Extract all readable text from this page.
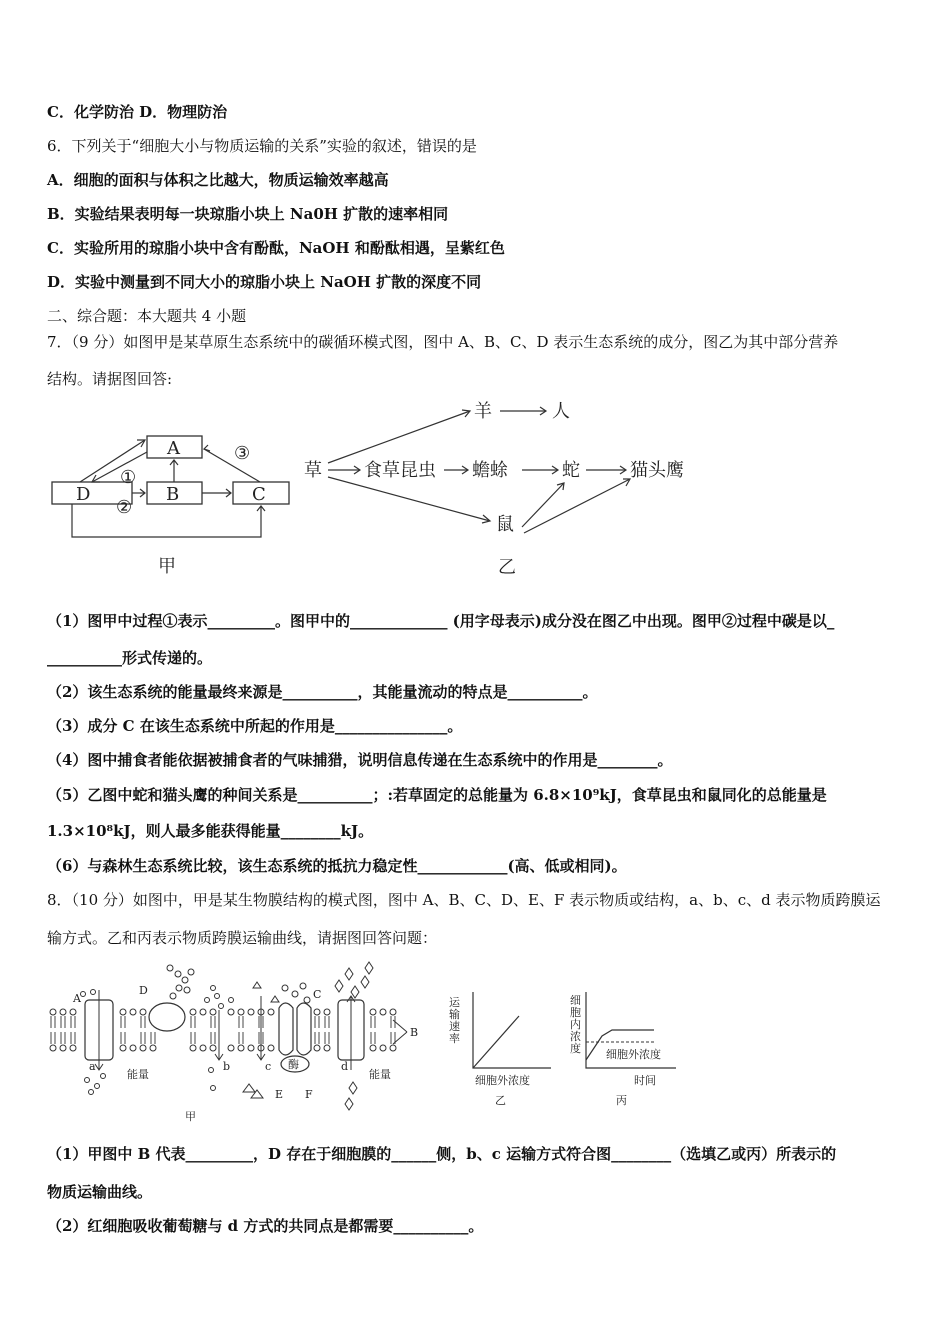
C．化学防治 D．物理防治
6．下列关于“细胞大小与物质运输的关系”实验的叙述，错误的是
A．细胞的面积与体积之比越大，物质运输效率越高
B．实验结果表明每一块琼脂小块上 Na0H 扩散的速率相同
C．实验所用的琼脂小块中含有酚酞，NaOH 和酚酞相遇，呈紫红色
D．实验中测量到不同大小的琼脂小块上 NaOH 扩散的深度不同
二、综合题：本大题共 4 小题
7．（9 分）如图甲是某草原生态系统中的碳循环模式图，图中 A、B、C、D 表示生态系统的成分，图乙为其中部分营养
结构。请据图回答:
A
D	B	C
①
②
③
甲
草 食草昆虫 蟾蜍	蛇	猫头鹰
羊	人
鼠
乙
（1）图甲中过程①表示_________。图甲中的_____________ (用字母表示)成分没在图乙中出现。图甲②过程中碳是以_
__________形式传递的。
（2）该生态系统的能量最终来源是__________，其能量流动的特点是__________。
（3）成分 C 在该生态系统中所起的作用是_______________。
（4）图中捕食者能依据被捕食者的气味捕猎，说明信息传递在生态系统中的作用是________。
（5）乙图中蛇和猫头鹰的种间关系是__________；:若草固定的总能量为 6.8×10⁹kJ，食草昆虫和鼠同化的总能量是
1.3×10⁸kJ，则人最多能获得能量________kJ。
（6）与森林生态系统比较，该生态系统的抵抗力稳定性____________(高、低或相同)。
8．（10 分）如图中，甲是某生物膜结构的模式图，图中 A、B、C、D、E、F 表示物质或结构，a、b、c、d 表示物质跨膜运
输方式。乙和丙表示物质跨膜运输曲线，请据图回答问题：
酶
A
B
C
D
E F
a	b	c	d
能量	能量
甲
运
输
速
率
细胞外浓度
乙
细
胞
内
浓
度 细胞外浓度
时间
丙
（1）甲图中 B 代表_________，D 存在于细胞膜的______侧，b、c 运输方式符合图________（选填乙或丙）所表示的
物质运输曲线。
（2）红细胞吸收葡萄糖与 d 方式的共同点是都需要__________。
